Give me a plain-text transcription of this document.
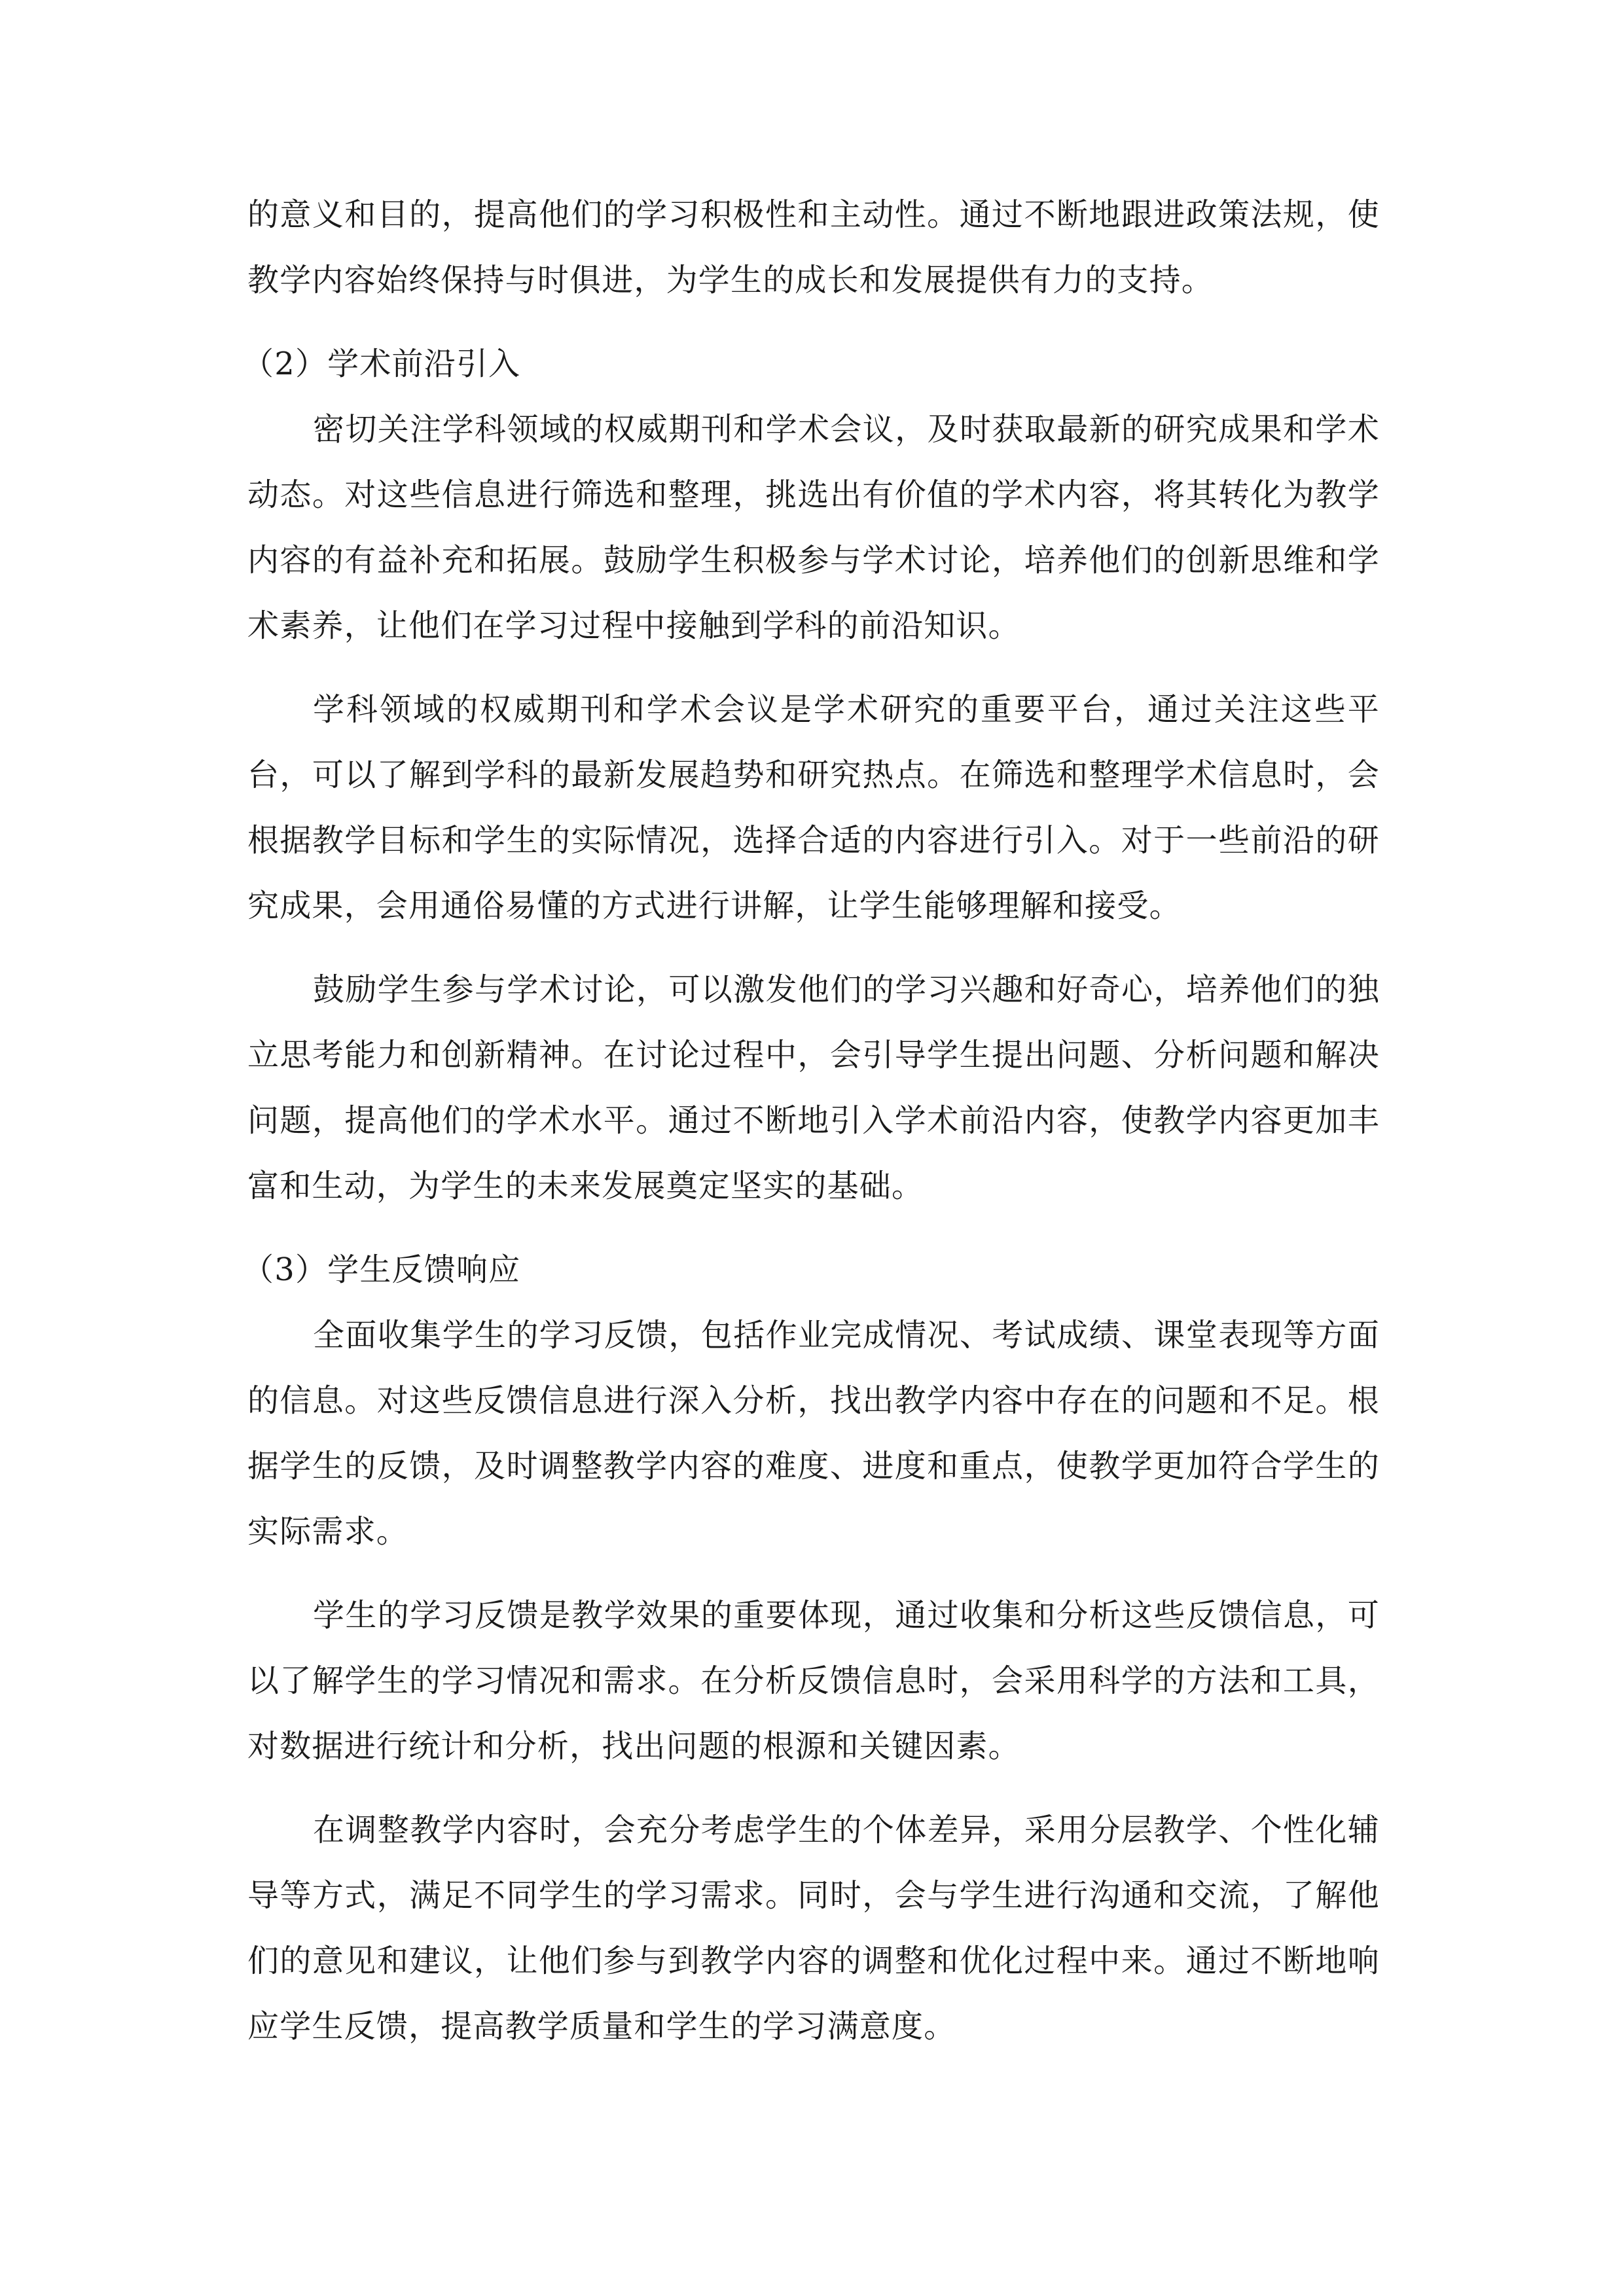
的意义和目的，提高他们的学习积极性和主动性。通过不断地跟进政策法规，使教学内容始终保持与时俱进，为学生的成长和发展提供有力的支持。

（2）学术前沿引入

密切关注学科领域的权威期刊和学术会议，及时获取最新的研究成果和学术动态。对这些信息进行筛选和整理，挑选出有价值的学术内容，将其转化为教学内容的有益补充和拓展。鼓励学生积极参与学术讨论，培养他们的创新思维和学术素养，让他们在学习过程中接触到学科的前沿知识。

学科领域的权威期刊和学术会议是学术研究的重要平台，通过关注这些平台，可以了解到学科的最新发展趋势和研究热点。在筛选和整理学术信息时，会根据教学目标和学生的实际情况，选择合适的内容进行引入。对于一些前沿的研究成果，会用通俗易懂的方式进行讲解，让学生能够理解和接受。

鼓励学生参与学术讨论，可以激发他们的学习兴趣和好奇心，培养他们的独立思考能力和创新精神。在讨论过程中，会引导学生提出问题、分析问题和解决问题，提高他们的学术水平。通过不断地引入学术前沿内容，使教学内容更加丰富和生动，为学生的未来发展奠定坚实的基础。

（3）学生反馈响应

全面收集学生的学习反馈，包括作业完成情况、考试成绩、课堂表现等方面的信息。对这些反馈信息进行深入分析，找出教学内容中存在的问题和不足。根据学生的反馈，及时调整教学内容的难度、进度和重点，使教学更加符合学生的实际需求。

学生的学习反馈是教学效果的重要体现，通过收集和分析这些反馈信息，可以了解学生的学习情况和需求。在分析反馈信息时，会采用科学的方法和工具，对数据进行统计和分析，找出问题的根源和关键因素。

在调整教学内容时，会充分考虑学生的个体差异，采用分层教学、个性化辅导等方式，满足不同学生的学习需求。同时，会与学生进行沟通和交流，了解他们的意见和建议，让他们参与到教学内容的调整和优化过程中来。通过不断地响应学生反馈，提高教学质量和学生的学习满意度。
